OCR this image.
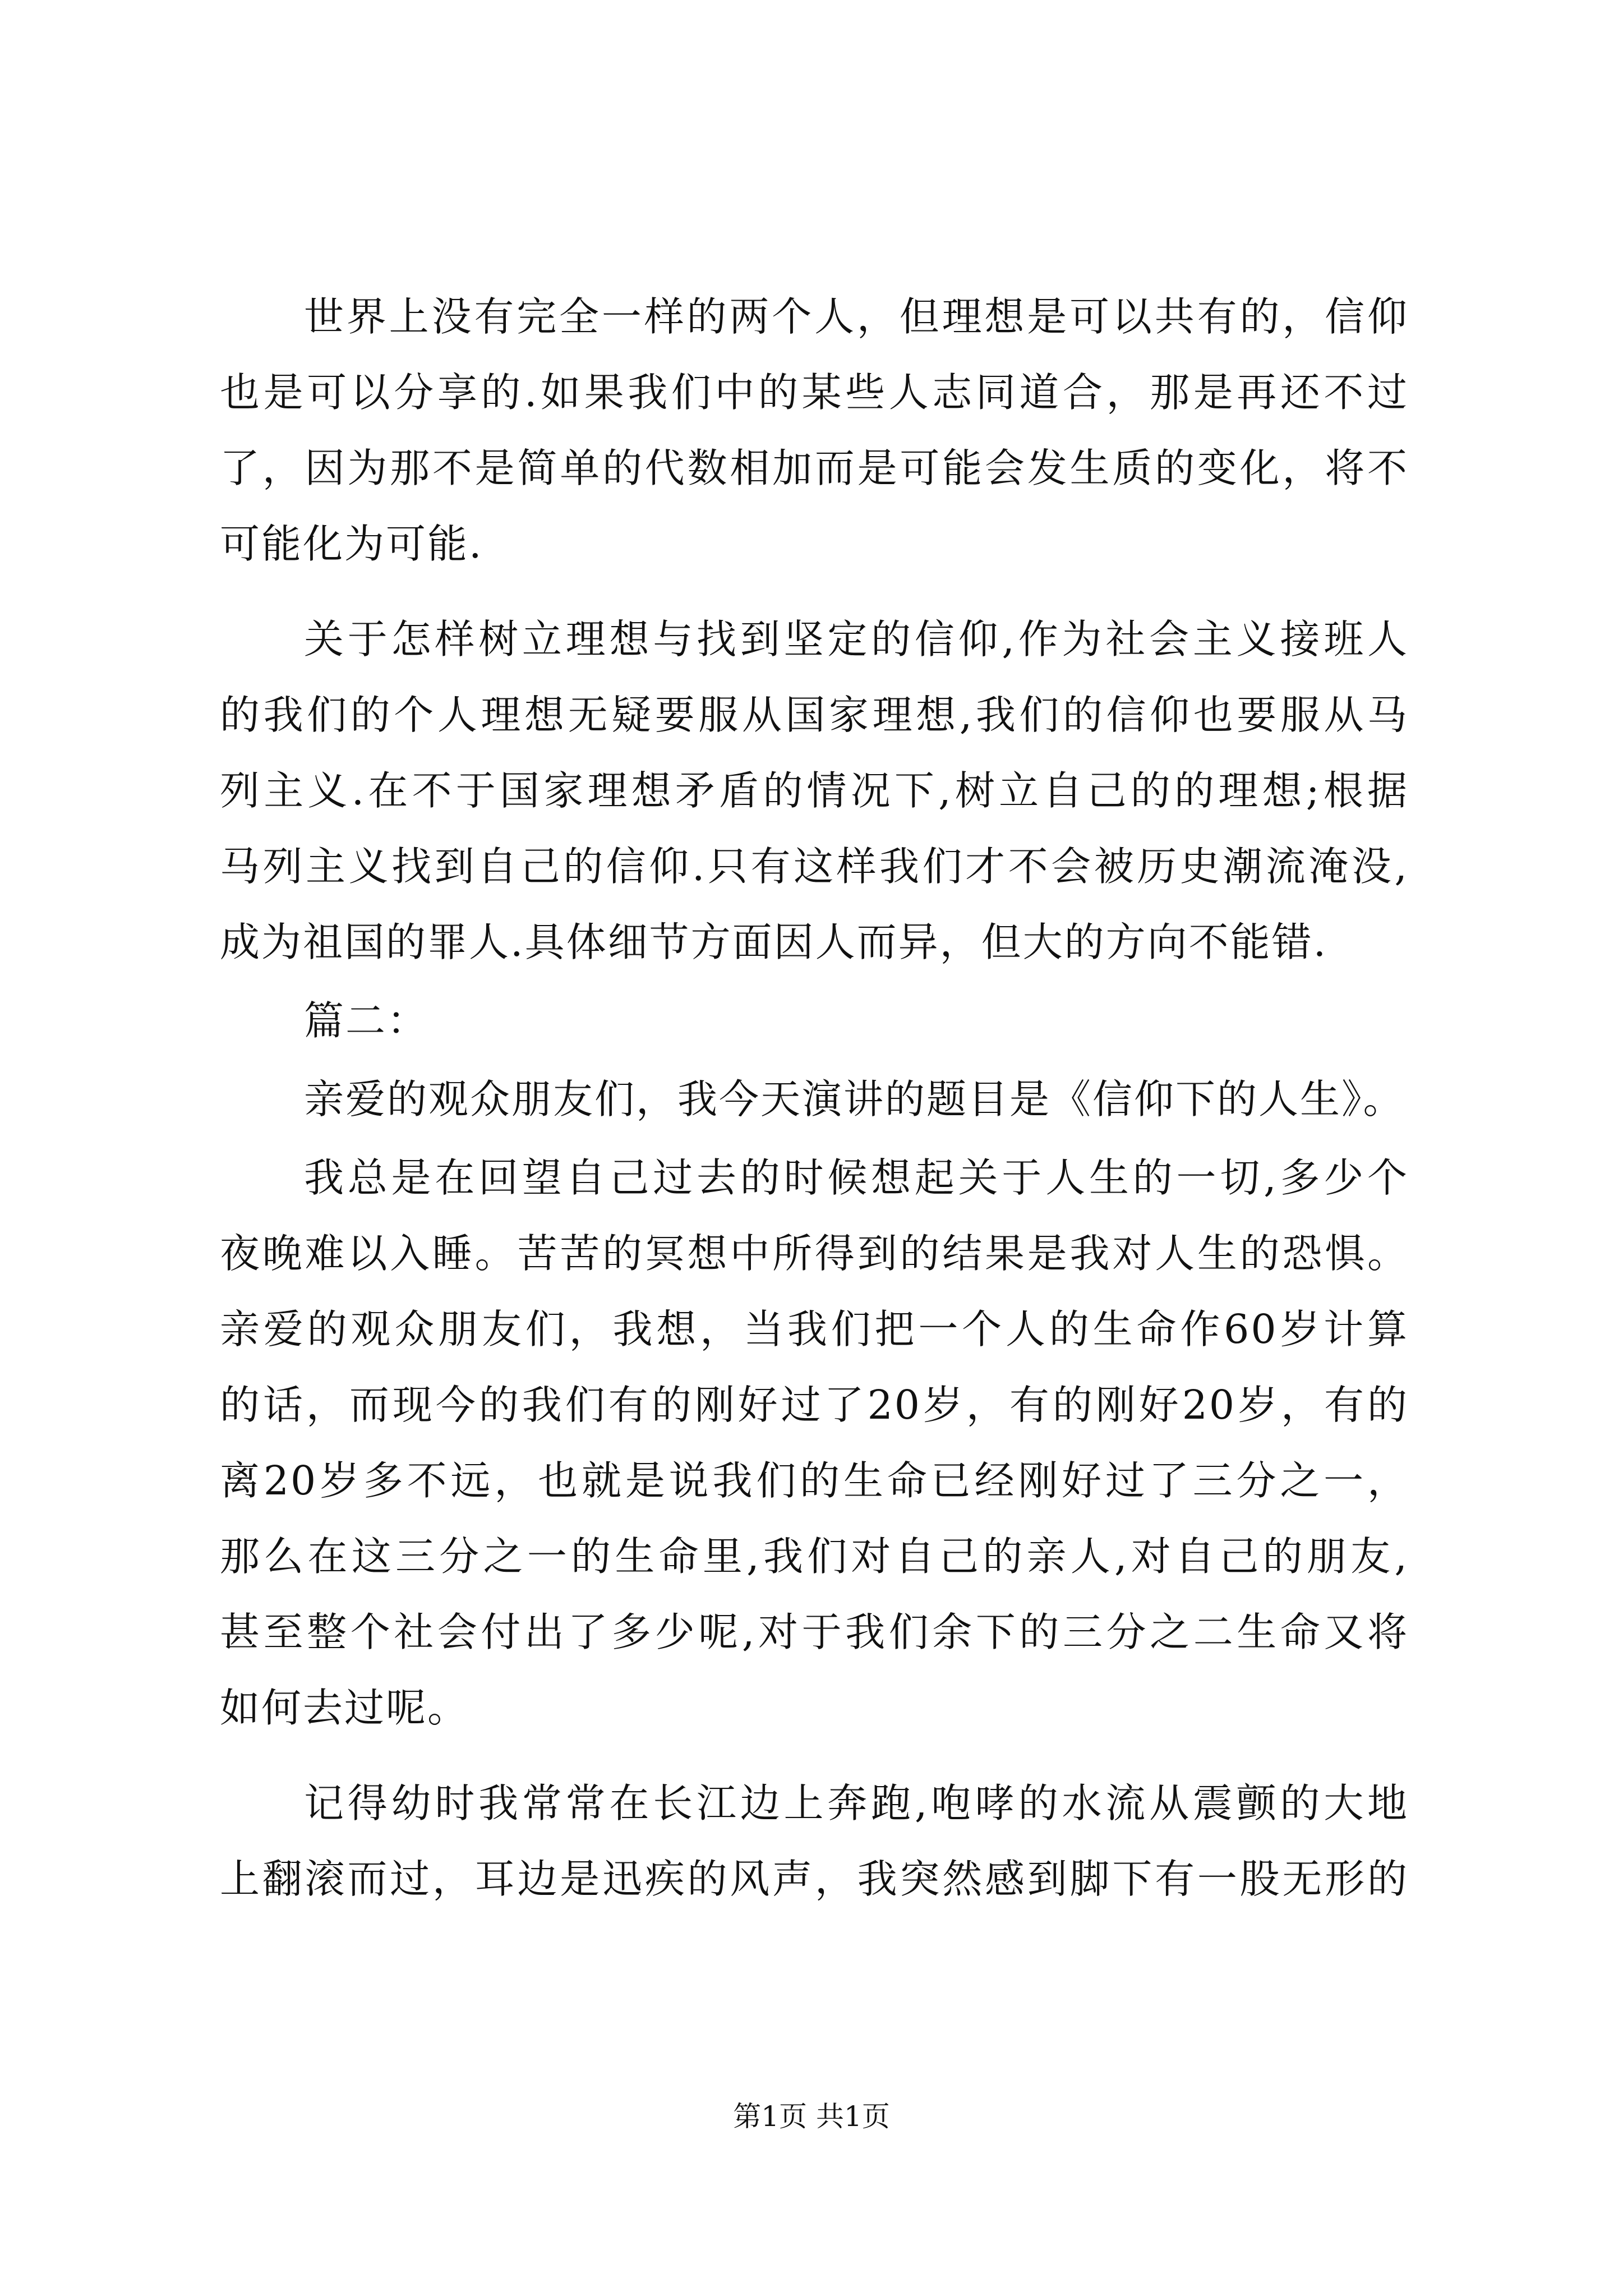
世界上没有完全一样的两个人，但理想是可以共有的，信仰

也是可以分享的.如果我们中的某些人志同道合，那是再还不过

了，因为那不是简单的代数相加而是可能会发生质的变化，将不

可能化为可能.

关于怎样树立理想与找到坚定的信仰,作为社会主义接班人

的我们的个人理想无疑要服从国家理想,我们的信仰也要服从马

列主义.在不于国家理想矛盾的情况下,树立自己的的理想;根据

马列主义找到自己的信仰.只有这样我们才不会被历史潮流淹没,

成为祖国的罪人.具体细节方面因人而异，但大的方向不能错.

篇二：

亲爱的观众朋友们，我今天演讲的题目是《信仰下的人生》。

我总是在回望自己过去的时候想起关于人生的一切,多少个

夜晚难以入睡。苦苦的冥想中所得到的结果是我对人生的恐惧。

亲爱的观众朋友们，我想，当我们把一个人的生命作60岁计算

的话，而现今的我们有的刚好过了20岁，有的刚好20岁，有的

离20岁多不远，也就是说我们的生命已经刚好过了三分之一，

那么在这三分之一的生命里,我们对自己的亲人,对自己的朋友,

甚至整个社会付出了多少呢,对于我们余下的三分之二生命又将

如何去过呢。

记得幼时我常常在长江边上奔跑,咆哮的水流从震颤的大地

上翻滚而过，耳边是迅疾的风声，我突然感到脚下有一股无形的

第1页 共1页
